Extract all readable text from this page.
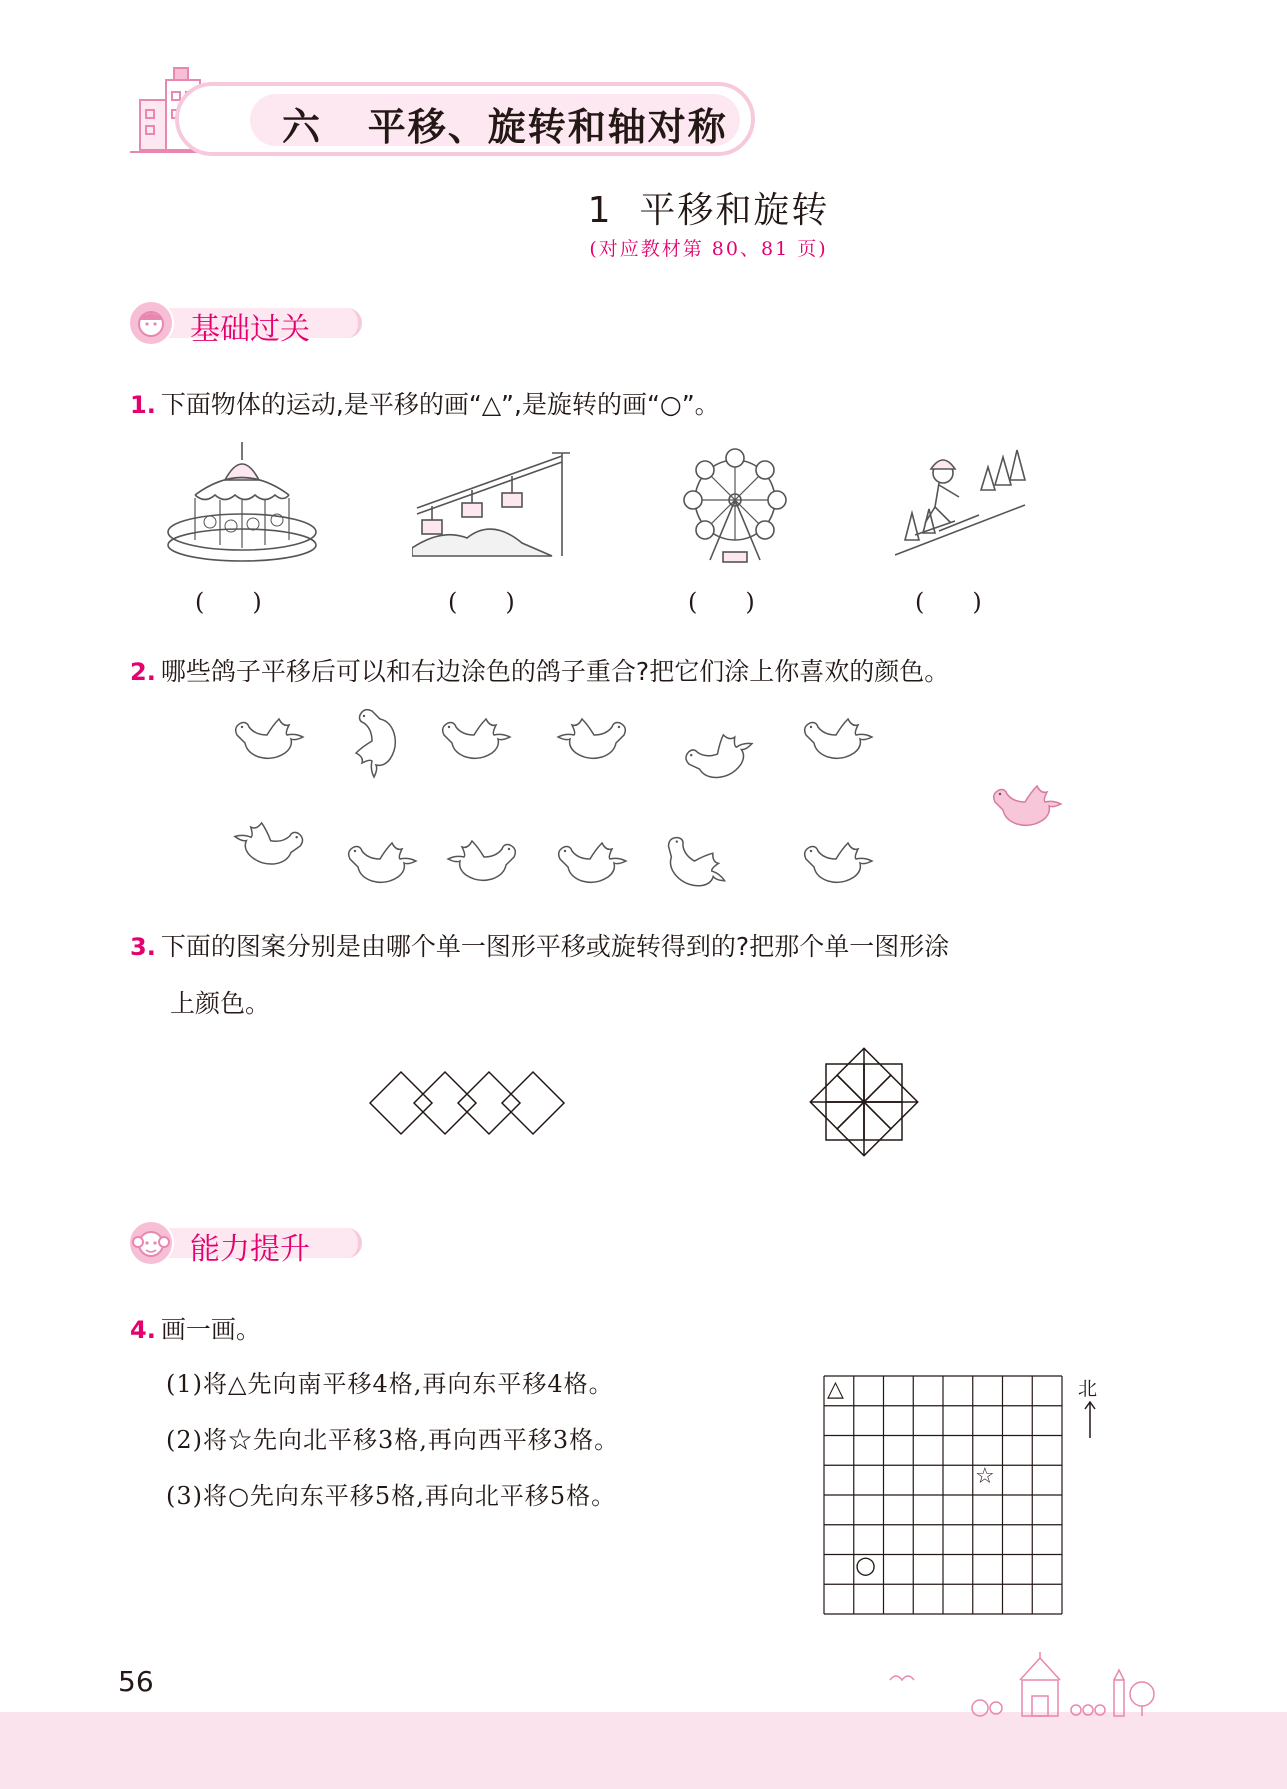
六 平移、旋转和轴对称
1 平移和旋转
(对应教材第 80、81 页)
基础过关
1. 下面物体的运动,是平移的画“△”,是旋转的画“○”。
(　　)	(　　)	(　　)	(　　)
2. 哪些鸽子平移后可以和右边涂色的鸽子重合?把它们涂上你喜欢的颜色。
3. 下面的图案分别是由哪个单一图形平移或旋转得到的?把那个单一图形涂
上颜色。
能力提升
4. 画一画。
(1)将△先向南平移4格,再向东平移4格。
(2)将☆先向北平移3格,再向西平移3格。
(3)将○先向东平移5格,再向北平移5格。
△
☆
○
北
56
